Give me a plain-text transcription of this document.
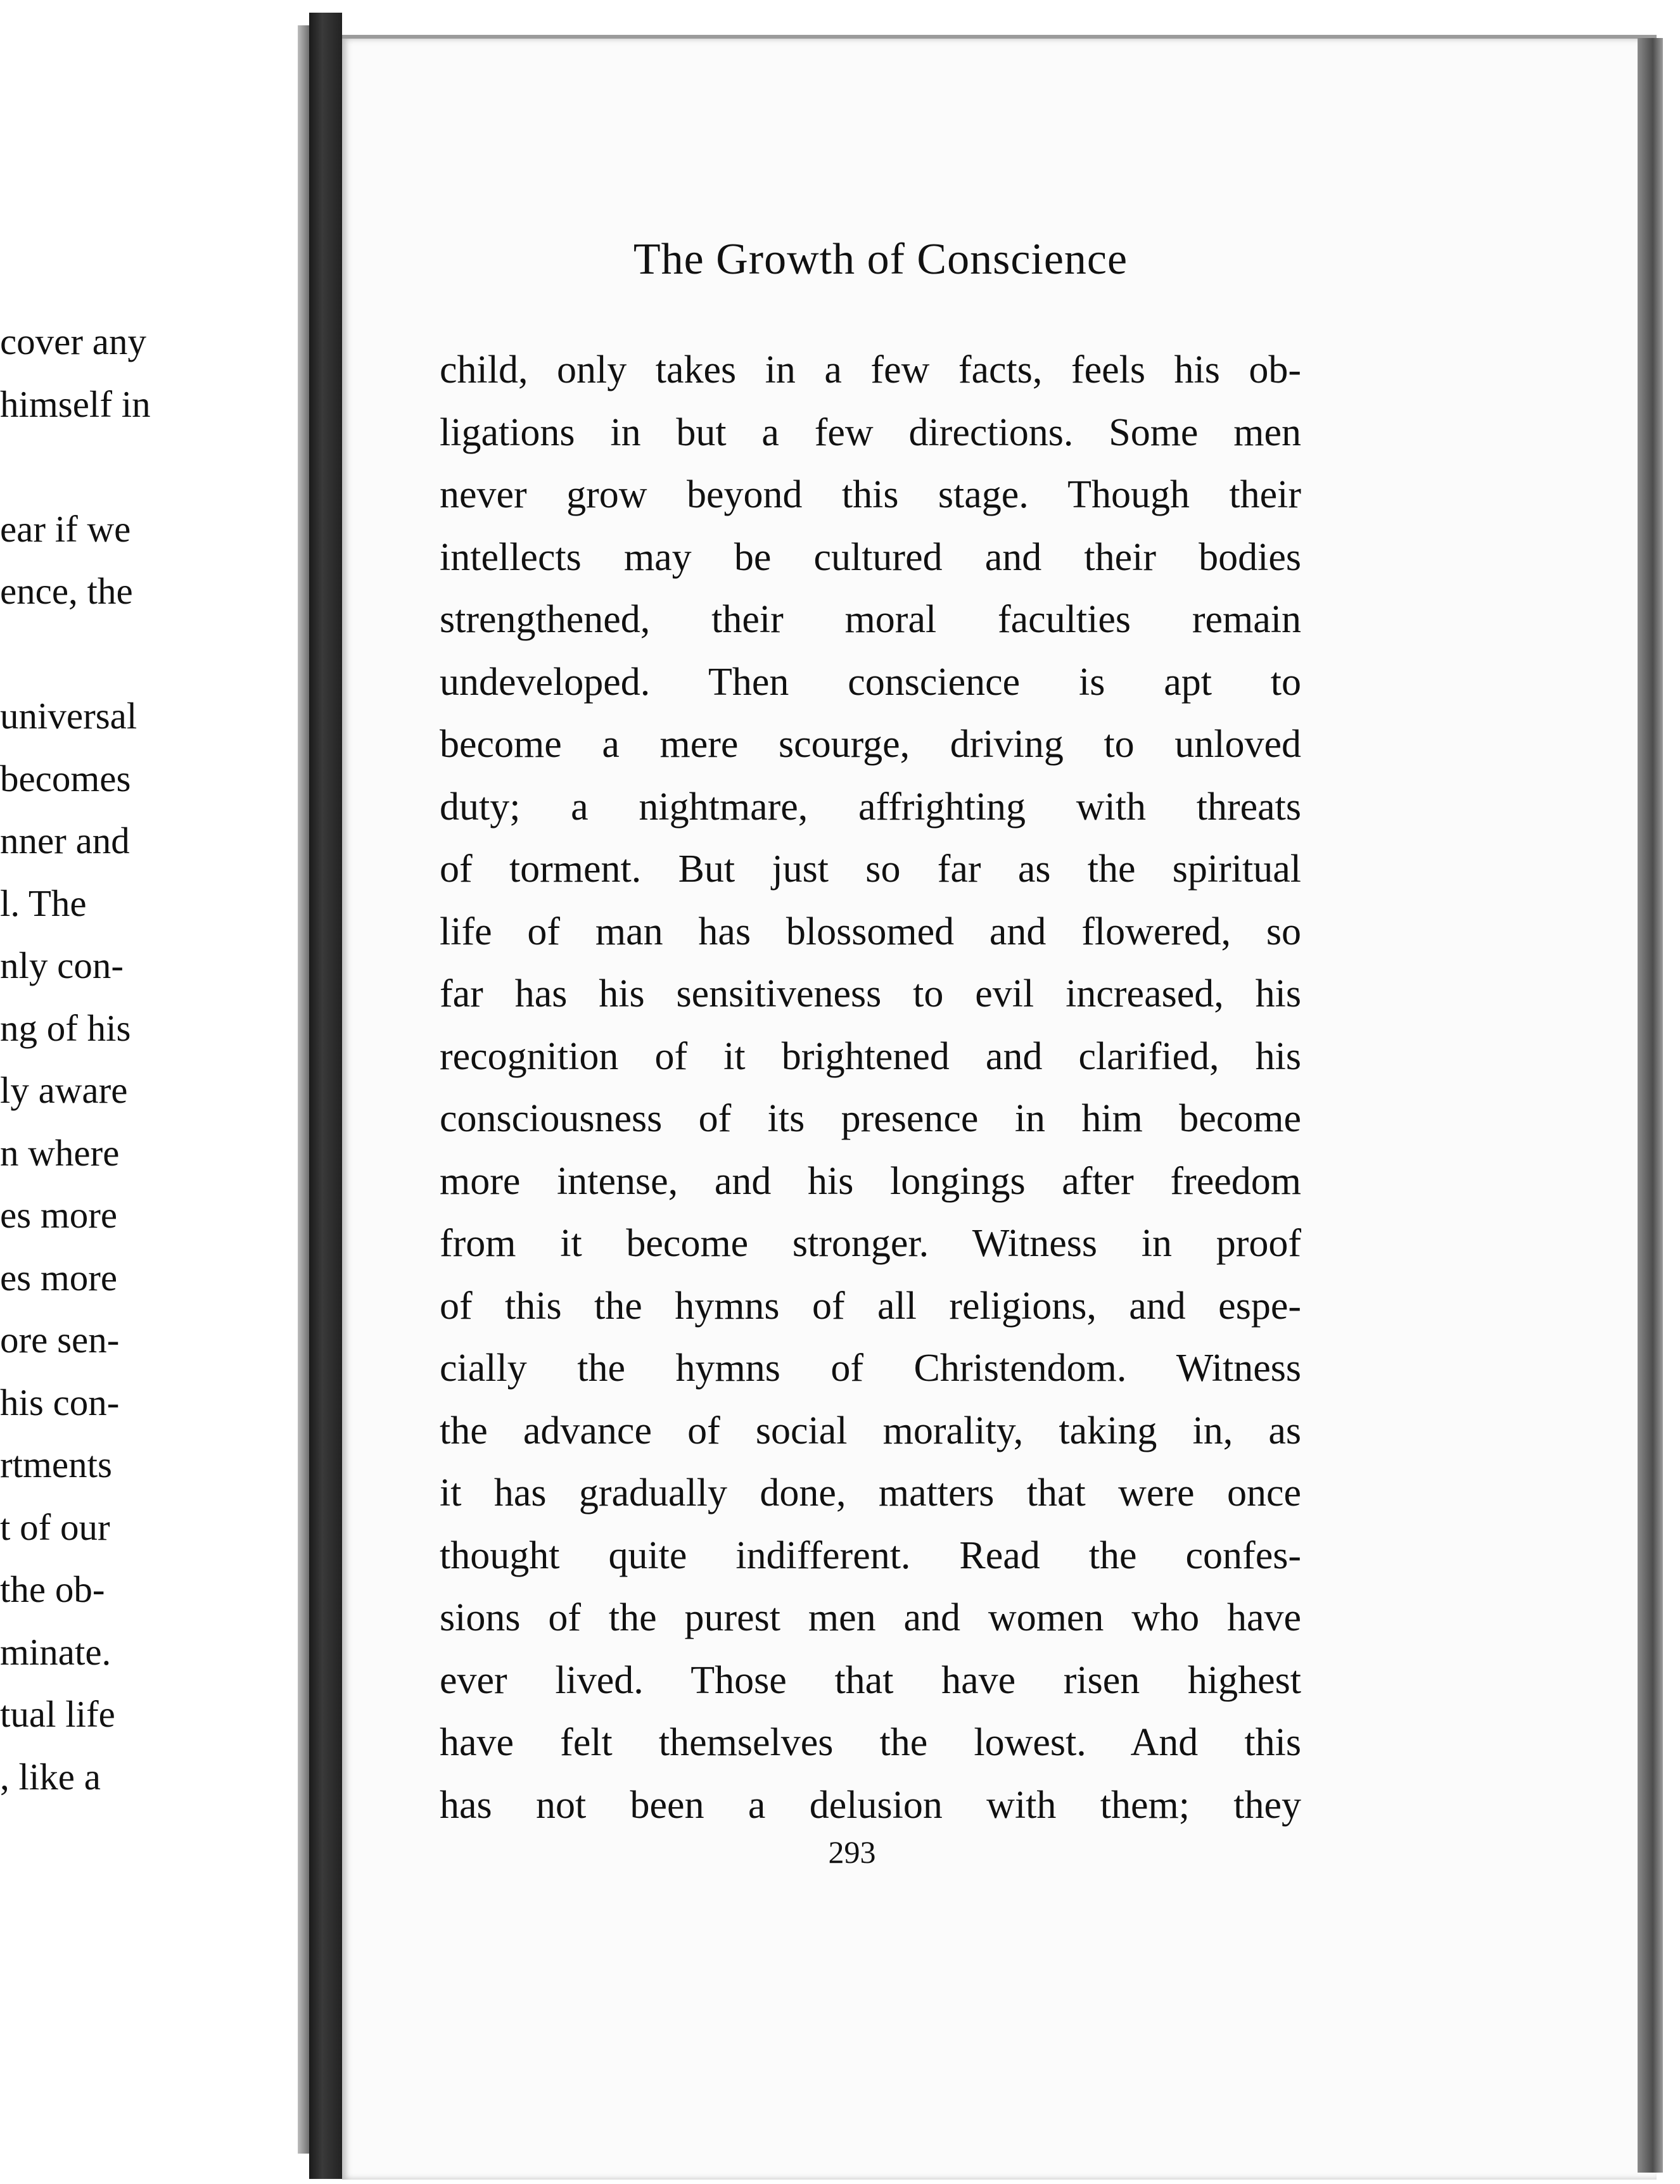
cover any
himself in

ear if we
ence, the

universal
becomes
nner and
l. The
nly con-
ng of his
ly aware
n where
es more
es more
ore sen-
his con-
rtments
t of our
the ob-
minate.
tual life
, like a
The Growth of Conscience
child, only takes in a few facts, feels his ob-
ligations in but a few directions. Some men
never grow beyond this stage. Though their
intellects may be cultured and their bodies
strengthened, their moral faculties remain
undeveloped. Then conscience is apt to
become a mere scourge, driving to unloved
duty; a nightmare, affrighting with threats
of torment. But just so far as the spiritual
life of man has blossomed and flowered, so
far has his sensitiveness to evil increased, his
recognition of it brightened and clarified, his
consciousness of its presence in him become
more intense, and his longings after freedom
from it become stronger. Witness in proof
of this the hymns of all religions, and espe-
cially the hymns of Christendom. Witness
the advance of social morality, taking in, as
it has gradually done, matters that were once
thought quite indifferent. Read the confes-
sions of the purest men and women who have
ever lived. Those that have risen highest
have felt themselves the lowest. And this
has not been a delusion with them; they
293
